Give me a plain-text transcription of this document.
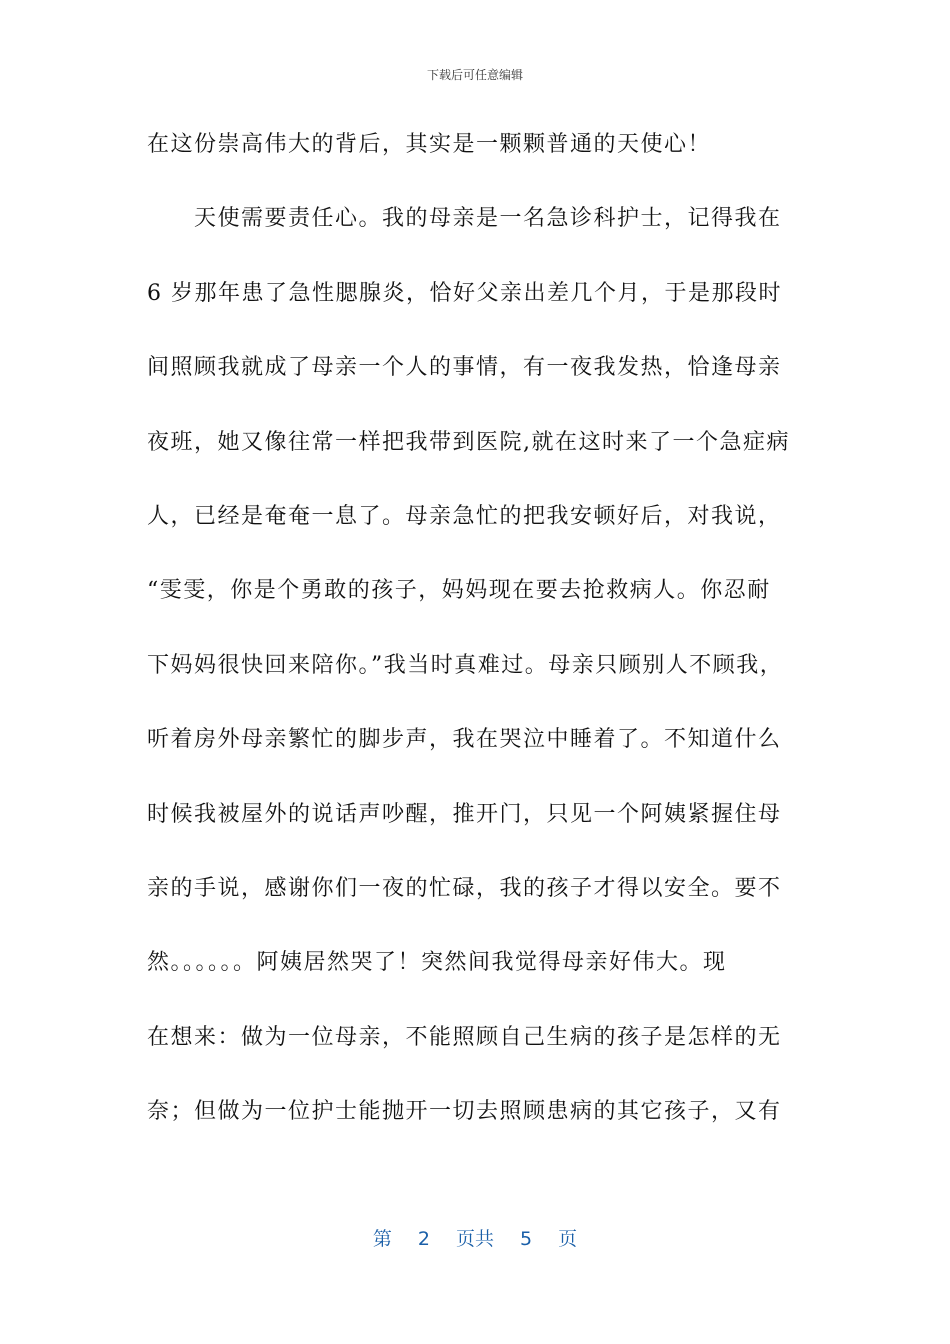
下载后可任意编辑
在这份崇高伟大的背后，其实是一颗颗普通的天使心！
　　天使需要责任心。我的母亲是一名急诊科护士，记得我在
6 岁那年患了急性腮腺炎，恰好父亲出差几个月，于是那段时
间照顾我就成了母亲一个人的事情，有一夜我发热，恰逢母亲
夜班，她又像往常一样把我带到医院,就在这时来了一个急症病
人，已经是奄奄一息了。母亲急忙的把我安顿好后，对我说，
“雯雯，你是个勇敢的孩子，妈妈现在要去抢救病人。你忍耐
下妈妈很快回来陪你。”我当时真难过。母亲只顾别人不顾我，
听着房外母亲繁忙的脚步声，我在哭泣中睡着了。不知道什么
时候我被屋外的说话声吵醒，推开门，只见一个阿姨紧握住母
亲的手说，感谢你们一夜的忙碌，我的孩子才得以安全。要不
然。。。。。。阿姨居然哭了！突然间我觉得母亲好伟大。现
在想来：做为一位母亲，不能照顾自己生病的孩子是怎样的无
奈；但做为一位护士能抛开一切去照顾患病的其它孩子，又有
第 2 页共 5 页
